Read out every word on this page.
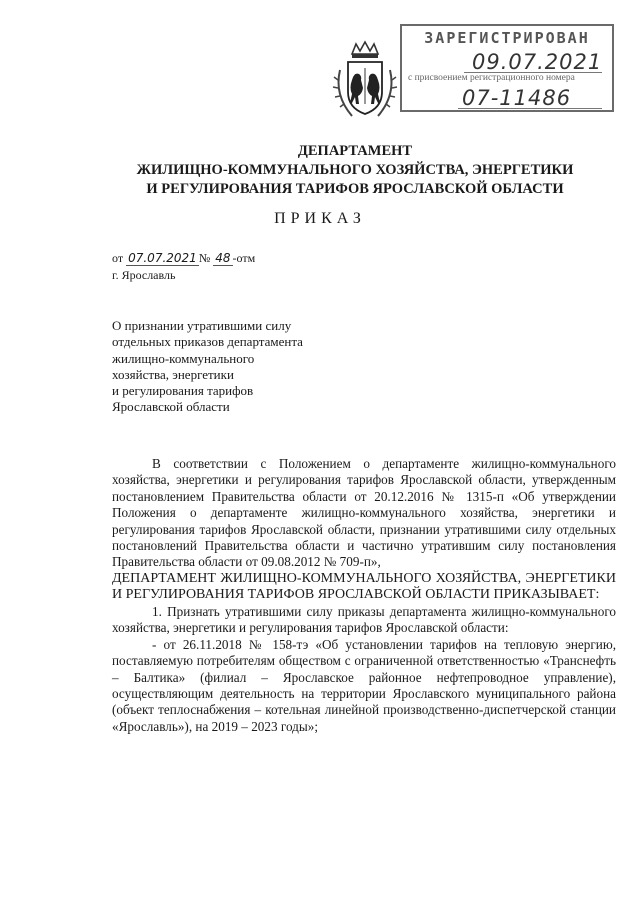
ЗАРЕГИСТРИРОВАН
09.07.2021
с присвоением регистрационного номера
07-11486
ДЕПАРТАМЕНТ
ЖИЛИЩНО-КОММУНАЛЬНОГО ХОЗЯЙСТВА, ЭНЕРГЕТИКИ
И РЕГУЛИРОВАНИЯ ТАРИФОВ ЯРОСЛАВСКОЙ ОБЛАСТИ
ПРИКАЗ
от 07.07.2021 № 48 -отм
г. Ярославль
О признании утратившими силу
отдельных приказов департамента
жилищно-коммунального
хозяйства, энергетики
и регулирования тарифов
Ярославской области

В соответствии с Положением о департаменте жилищно-коммунального хозяйства, энергетики и регулирования тарифов Ярославской области, утвержденным постановлением Правительства области от 20.12.2016 № 1315-п «Об утверждении Положения о департаменте жилищно-коммунального хозяйства, энергетики и регулирования тарифов Ярославской области, признании утратившими силу отдельных постановлений Правительства области и частично утратившим силу постановления Правительства области от 09.08.2012 № 709-п»,

ДЕПАРТАМЕНТ ЖИЛИЩНО-КОММУНАЛЬНОГО ХОЗЯЙСТВА, ЭНЕРГЕТИКИ И РЕГУЛИРОВАНИЯ ТАРИФОВ ЯРОСЛАВСКОЙ ОБЛАСТИ ПРИКАЗЫВАЕТ:

1. Признать утратившими силу приказы департамента жилищно-коммунального хозяйства, энергетики и регулирования тарифов Ярославской области:

- от 26.11.2018 № 158-тэ «Об установлении тарифов на тепловую энергию, поставляемую потребителям обществом с ограниченной ответственностью «Транснефть – Балтика» (филиал – Ярославское районное нефтепроводное управление), осуществляющим деятельность на территории Ярославского муниципального района (объект теплоснабжения – котельная линейной производственно-диспетчерской станции «Ярославль»), на 2019 – 2023 годы»;
